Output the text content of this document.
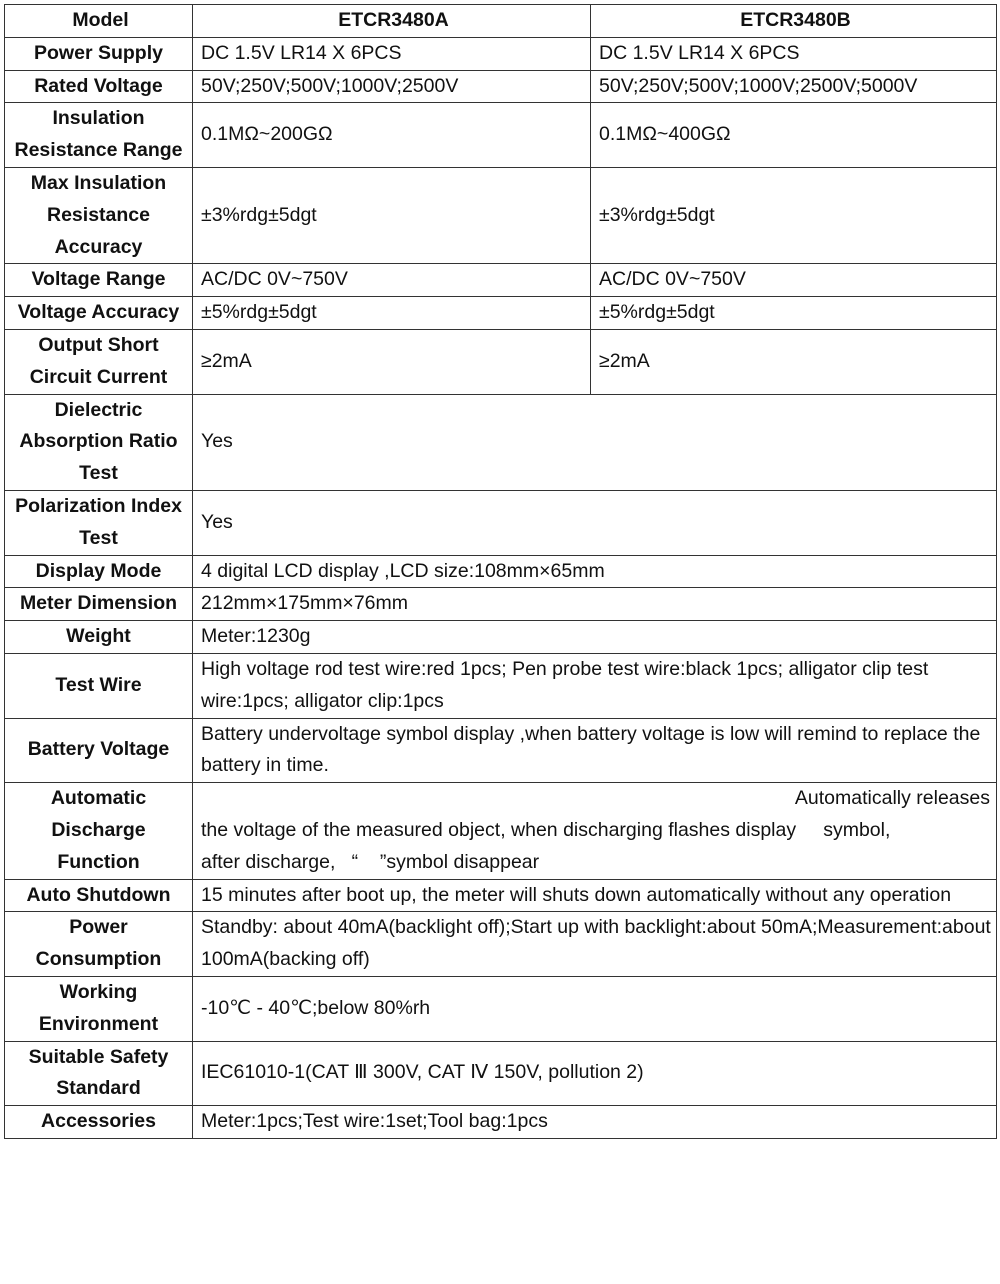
Model	ETCR3480A	ETCR3480B
Power Supply	DC 1.5V LR14 X 6PCS	DC 1.5V LR14 X 6PCS
Rated Voltage	50V;250V;500V;1000V;2500V	50V;250V;500V;1000V;2500V;5000V
Insulation Resistance Range	0.1MΩ~200GΩ	0.1MΩ~400GΩ
Max Insulation Resistance Accuracy	±3%rdg±5dgt	±3%rdg±5dgt
Voltage Range	AC/DC 0V~750V	AC/DC 0V~750V
Voltage Accuracy	±5%rdg±5dgt	±5%rdg±5dgt
Output Short Circuit Current	≥2mA	≥2mA
Dielectric Absorption Ratio Test	Yes	
Polarization Index Test	Yes	
Display Mode	4 digital LCD display ,LCD size:108mm×65mm	
Meter Dimension	212mm×175mm×76mm	
Weight	Meter:1230g	
Test Wire	High voltage rod test wire:red 1pcs; Pen probe test wire:black 1pcs; alligator clip test wire:1pcs; alligator clip:1pcs	
Battery Voltage	Battery undervoltage symbol display ,when battery voltage is low will remind to replace the battery in time.	
Automatic Discharge Function	Automatically releases
the voltage of the measured object, when discharging flashes display     symbol,
after discharge,   “    ”symbol disappear	

Auto Shutdown	15 minutes after boot up, the meter will shuts down automatically without any operation	
Power Consumption	Standby: about 40mA(backlight off);Start up with backlight:about 50mA;Measurement:about 100mA(backing off)	
Working Environment	-10℃ - 40℃;below 80%rh	
Suitable Safety Standard	IEC61010-1(CAT Ⅲ 300V, CAT Ⅳ 150V, pollution 2)	
Accessories	Meter:1pcs;Test wire:1set;Tool bag:1pcs	
